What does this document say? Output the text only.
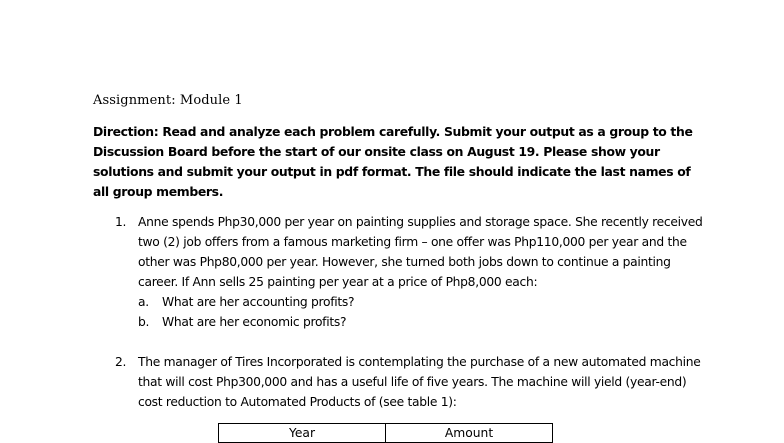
Assignment: Module 1
Direction: Read and analyze each problem carefully. Submit your output as a group to the Discussion Board before the start of our onsite class on August 19. Please show your solutions and submit your output in pdf format. The file should indicate the last names of all group members.
1. Anne spends Php30,000 per year on painting supplies and storage space. She recently received two (2) job offers from a famous marketing firm – one offer was Php110,000 per year and the other was Php80,000 per year. However, she turned both jobs down to continue a painting career. If Ann sells 25 painting per year at a price of Php8,000 each:
a. What are her accounting profits?
b. What are her economic profits?
2. The manager of Tires Incorporated is contemplating the purchase of a new automated machine that will cost Php300,000 and has a useful life of five years. The machine will yield (year-end) cost reduction to Automated Products of (see table 1):
Year	Amount
